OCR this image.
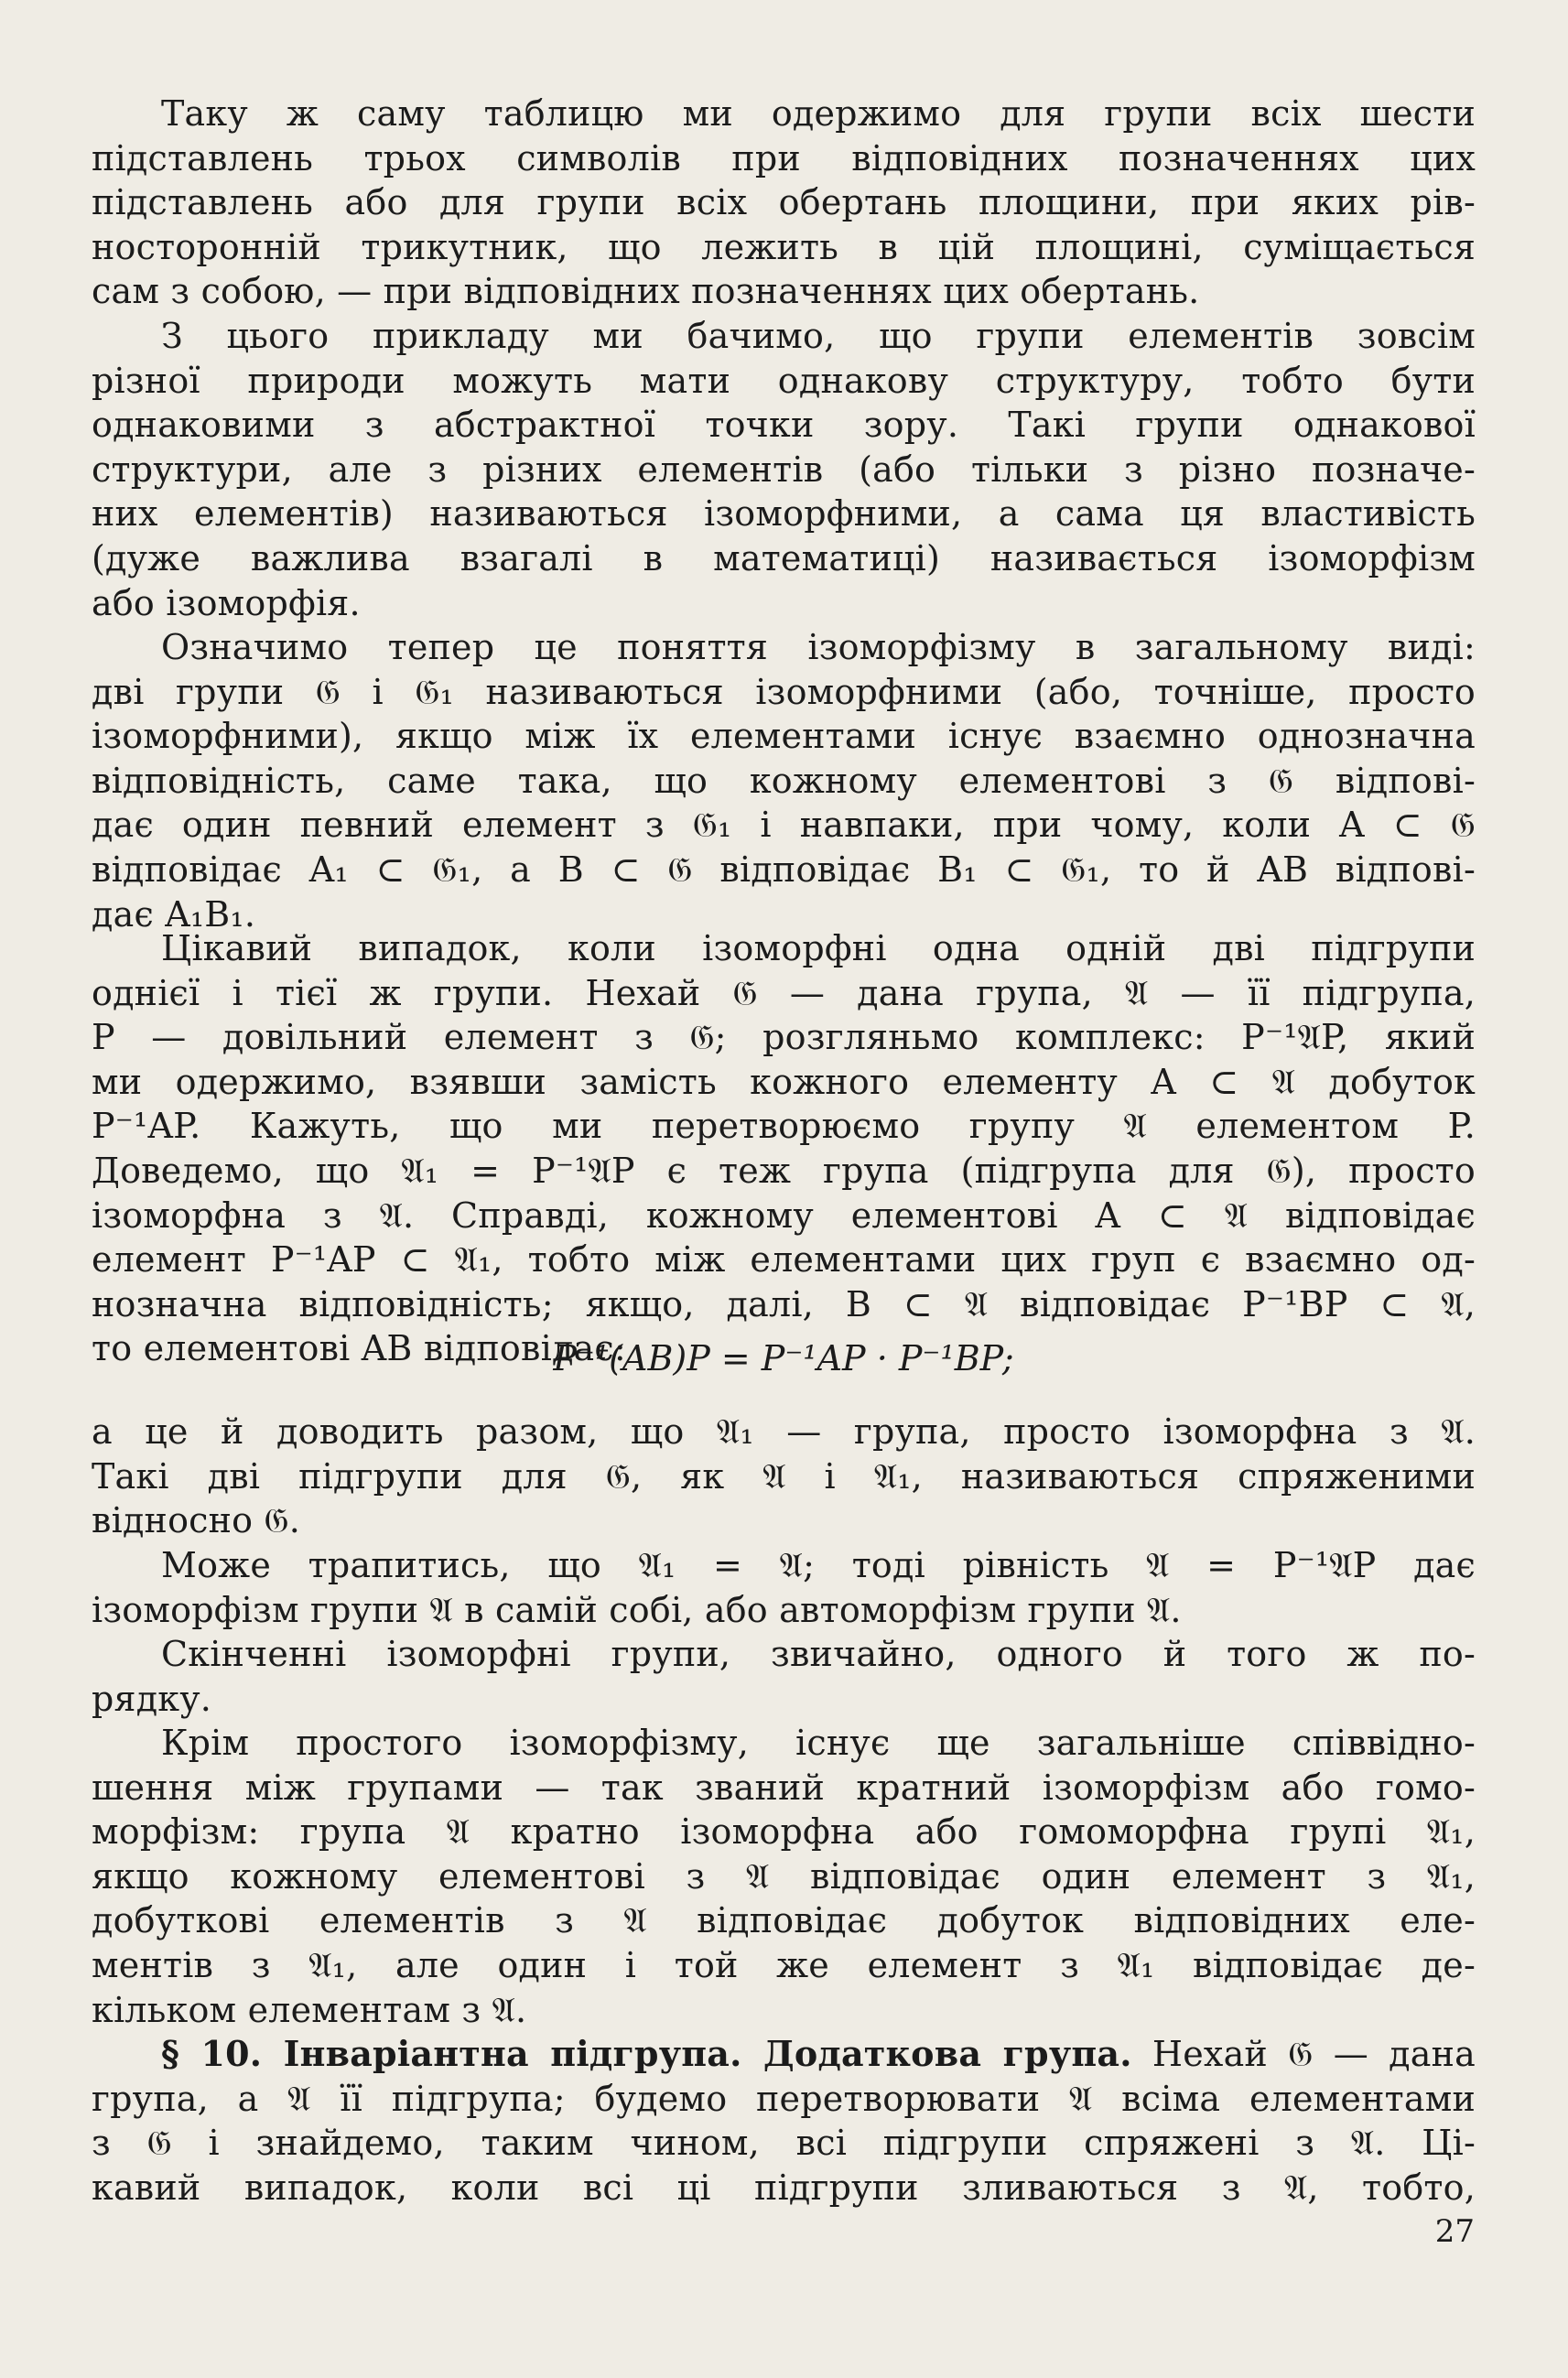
Таку ж саму таблицю ми одержимо для групи всіх шести
підставлень трьох символів при відповідних позначеннях цих
підставлень або для групи всіх обертань площини, при яких рів-
носторонній трикутник, що лежить в цій площині, суміщається
сам з собою, — при відповідних позначеннях цих обертань.
З цього прикладу ми бачимо, що групи елементів зовсім
різної природи можуть мати однакову структуру, тобто бути
однаковими з абстрактної точки зору. Такі групи однакової
структури, але з різних елементів (або тільки з різно позначе-
них елементів) називаються ізоморфними, а сама ця властивість
(дуже важлива взагалі в математиці) називається ізоморфізм
або ізоморфія.
Означимо тепер це поняття ізоморфізму в загальному виді:
дві групи 𝔊 і 𝔊₁ називаються ізоморфними (або, точніше, просто
ізоморфними), якщо між їх елементами існує взаємно однозначна
відповідність, саме така, що кожному елементові з 𝔊 відпові-
дає один певний елемент з 𝔊₁ і навпаки, при чому, коли A ⊂ 𝔊
відповідає A₁ ⊂ 𝔊₁, а B ⊂ 𝔊 відповідає B₁ ⊂ 𝔊₁, то й AB відпові-
дає A₁B₁.
Цікавий випадок, коли ізоморфні одна одній дві підгрупи
однієї і тієї ж групи. Нехай 𝔊 — дана група, 𝔄 — її підгрупа,
P — довільний елемент з 𝔊; розгляньмо комплекс: P⁻¹𝔄P, який
ми одержимо, взявши замість кожного елементу A ⊂ 𝔄 добуток
P⁻¹AP. Кажуть, що ми перетворюємо групу 𝔄 елементом P.
Доведемо, що 𝔄₁ = P⁻¹𝔄P є теж група (підгрупа для 𝔊), просто
ізоморфна з 𝔄. Справді, кожному елементові A ⊂ 𝔄 відповідає
елемент P⁻¹AP ⊂ 𝔄₁, тобто між елементами цих груп є взаємно од-
нозначна відповідність; якщо, далі, B ⊂ 𝔄 відповідає P⁻¹BP ⊂ 𝔄,
то елементові AB відповідає:
P⁻¹(AB)P = P⁻¹AP · P⁻¹BP;
а це й доводить разом, що 𝔄₁ — група, просто ізоморфна з 𝔄.
Такі дві підгрупи для 𝔊, як 𝔄 і 𝔄₁, називаються спряженими
відносно 𝔊.
Може трапитись, що 𝔄₁ = 𝔄; тоді рівність 𝔄 = P⁻¹𝔄P дає
ізоморфізм групи 𝔄 в самій собі, або автоморфізм групи 𝔄.
Скінченні ізоморфні групи, звичайно, одного й того ж по-
рядку.
Крім простого ізоморфізму, існує ще загальніше співвідно-
шення між групами — так званий кратний ізоморфізм або гомо-
морфізм: група 𝔄 кратно ізоморфна або гомоморфна групі 𝔄₁,
якщо кожному елементові з 𝔄 відповідає один елемент з 𝔄₁,
добуткові елементів з 𝔄 відповідає добуток відповідних еле-
ментів з 𝔄₁, але один і той же елемент з 𝔄₁ відповідає де-
кільком елементам з 𝔄.
§ 10. Інваріантна підгрупа. Додаткова група. Нехай 𝔊 — дана
група, а 𝔄 її підгрупа; будемо перетворювати 𝔄 всіма елементами
з 𝔊 і знайдемо, таким чином, всі підгрупи спряжені з 𝔄. Ці-
кавий випадок, коли всі ці підгрупи зливаються з 𝔄, тобто,
27
